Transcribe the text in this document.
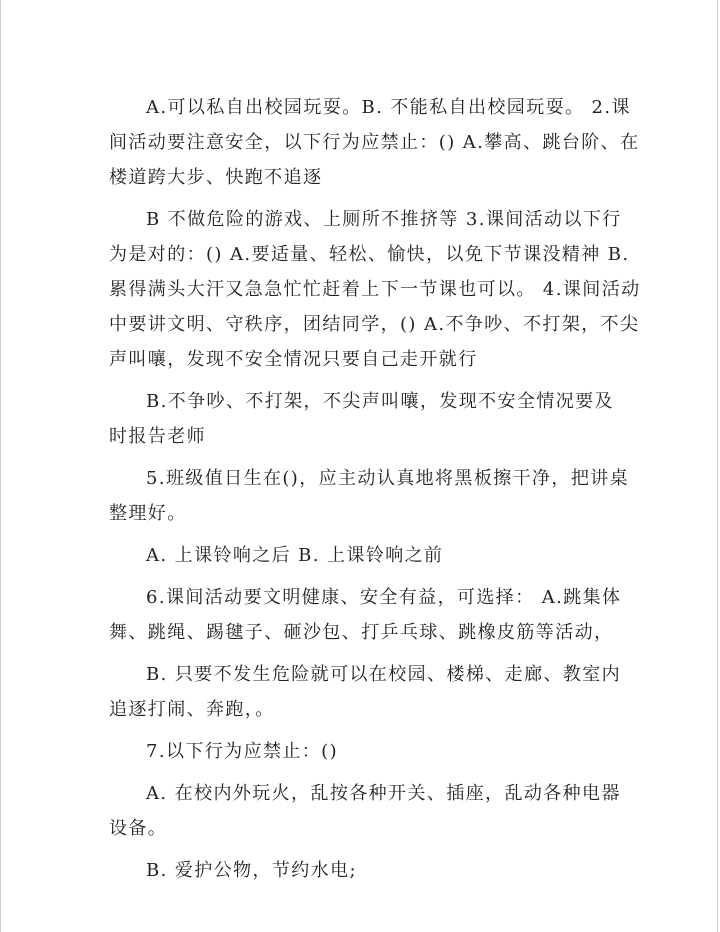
A.可以私自出校园玩耍。B. 不能私自出校园玩耍。 2.课
间活动要注意安全，以下行为应禁止：() A.攀高、跳台阶、在
楼道跨大步、快跑不追逐
B 不做危险的游戏、上厕所不推挤等 3.课间活动以下行
为是对的：() A.要适量、轻松、愉快，以免下节课没精神 B.
累得满头大汗又急急忙忙赶着上下一节课也可以。 4.课间活动
中要讲文明、守秩序，团结同学，() A.不争吵、不打架，不尖
声叫嚷，发现不安全情况只要自己走开就行
B.不争吵、不打架，不尖声叫嚷，发现不安全情况要及
时报告老师
5.班级值日生在()，应主动认真地将黑板擦干净，把讲桌
整理好。
A. 上课铃响之后 B. 上课铃响之前
6.课间活动要文明健康、安全有益，可选择： A.跳集体
舞、跳绳、踢毽子、砸沙包、打乒乓球、跳橡皮筋等活动，
B. 只要不发生危险就可以在校园、楼梯、走廊、教室内
追逐打闹、奔跑，。
7.以下行为应禁止：()
A. 在校内外玩火，乱按各种开关、插座，乱动各种电器
设备。
B. 爱护公物，节约水电;
